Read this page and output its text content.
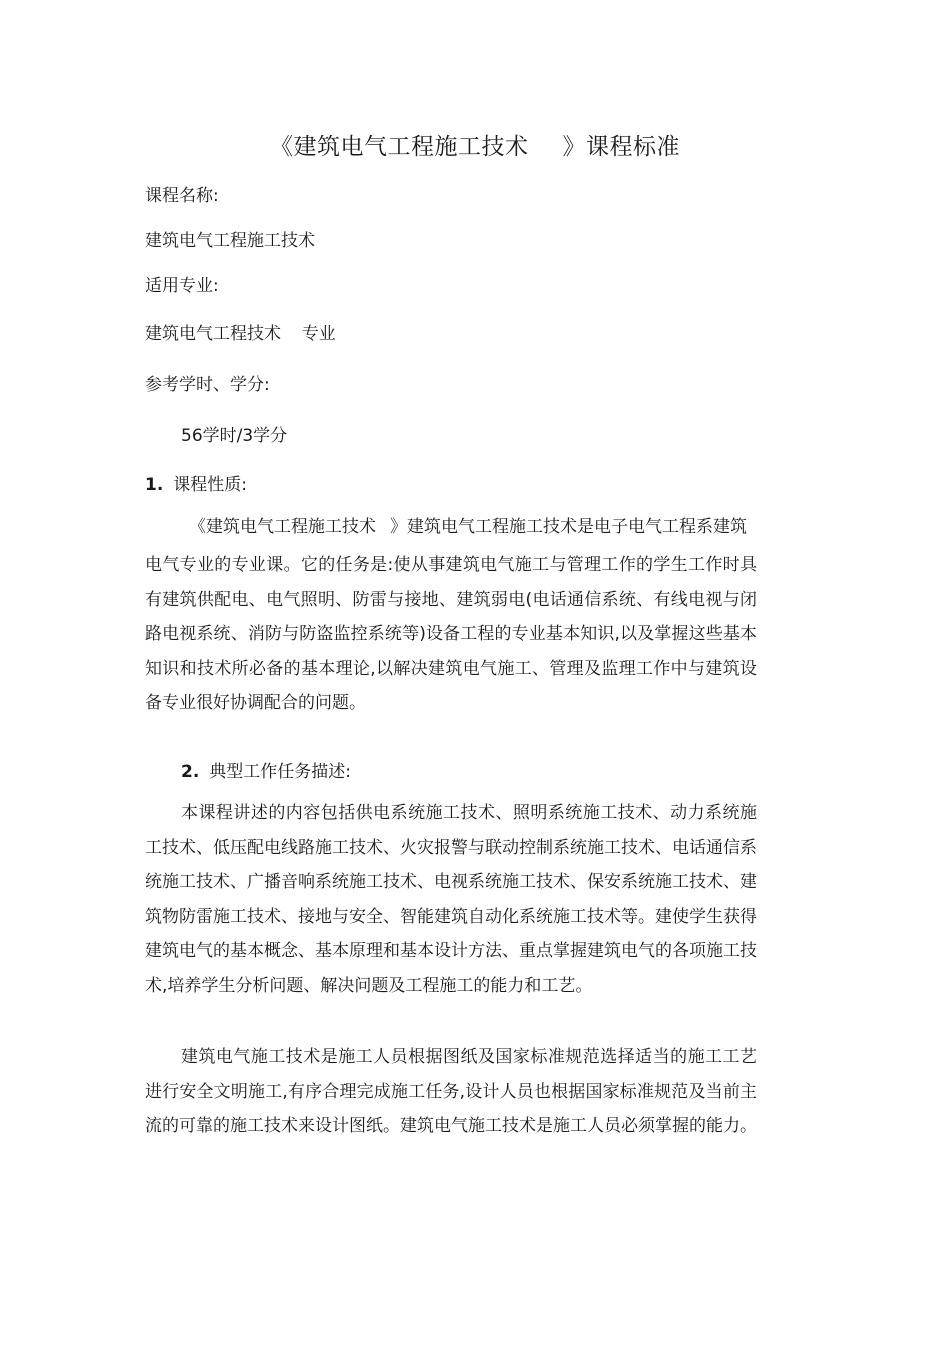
《建筑电气工程施工技术 》课程标准
课程名称:
建筑电气工程施工技术
适用专业:
建筑电气工程技术 专业
参考学时、学分:
56学时/3学分
1. 课程性质:
《建筑电气工程施工技术 》建筑电气工程施工技术是电子电气工程系建筑
电气专业的专业课。它的任务是:使从事建筑电气施工与管理工作的学生工作时具有建筑供配电、电气照明、防雷与接地、建筑弱电(电话通信系统、有线电视与闭路电视系统、消防与防盗监控系统等)设备工程的专业基本知识,以及掌握这些基本知识和技术所必备的基本理论,以解决建筑电气施工、管理及监理工作中与建筑设备专业很好协调配合的问题。
2. 典型工作任务描述:
本课程讲述的内容包括供电系统施工技术、照明系统施工技术、动力系统施工技术、低压配电线路施工技术、火灾报警与联动控制系统施工技术、电话通信系统施工技术、广播音响系统施工技术、电视系统施工技术、保安系统施工技术、建筑物防雷施工技术、接地与安全、智能建筑自动化系统施工技术等。建使学生获得建筑电气的基本概念、基本原理和基本设计方法、重点掌握建筑电气的各项施工技术,培养学生分析问题、解决问题及工程施工的能力和工艺。
建筑电气施工技术是施工人员根据图纸及国家标准规范选择适当的施工工艺进行安全文明施工,有序合理完成施工任务,设计人员也根据国家标准规范及当前主流的可靠的施工技术来设计图纸。建筑电气施工技术是施工人员必须掌握的能力。
